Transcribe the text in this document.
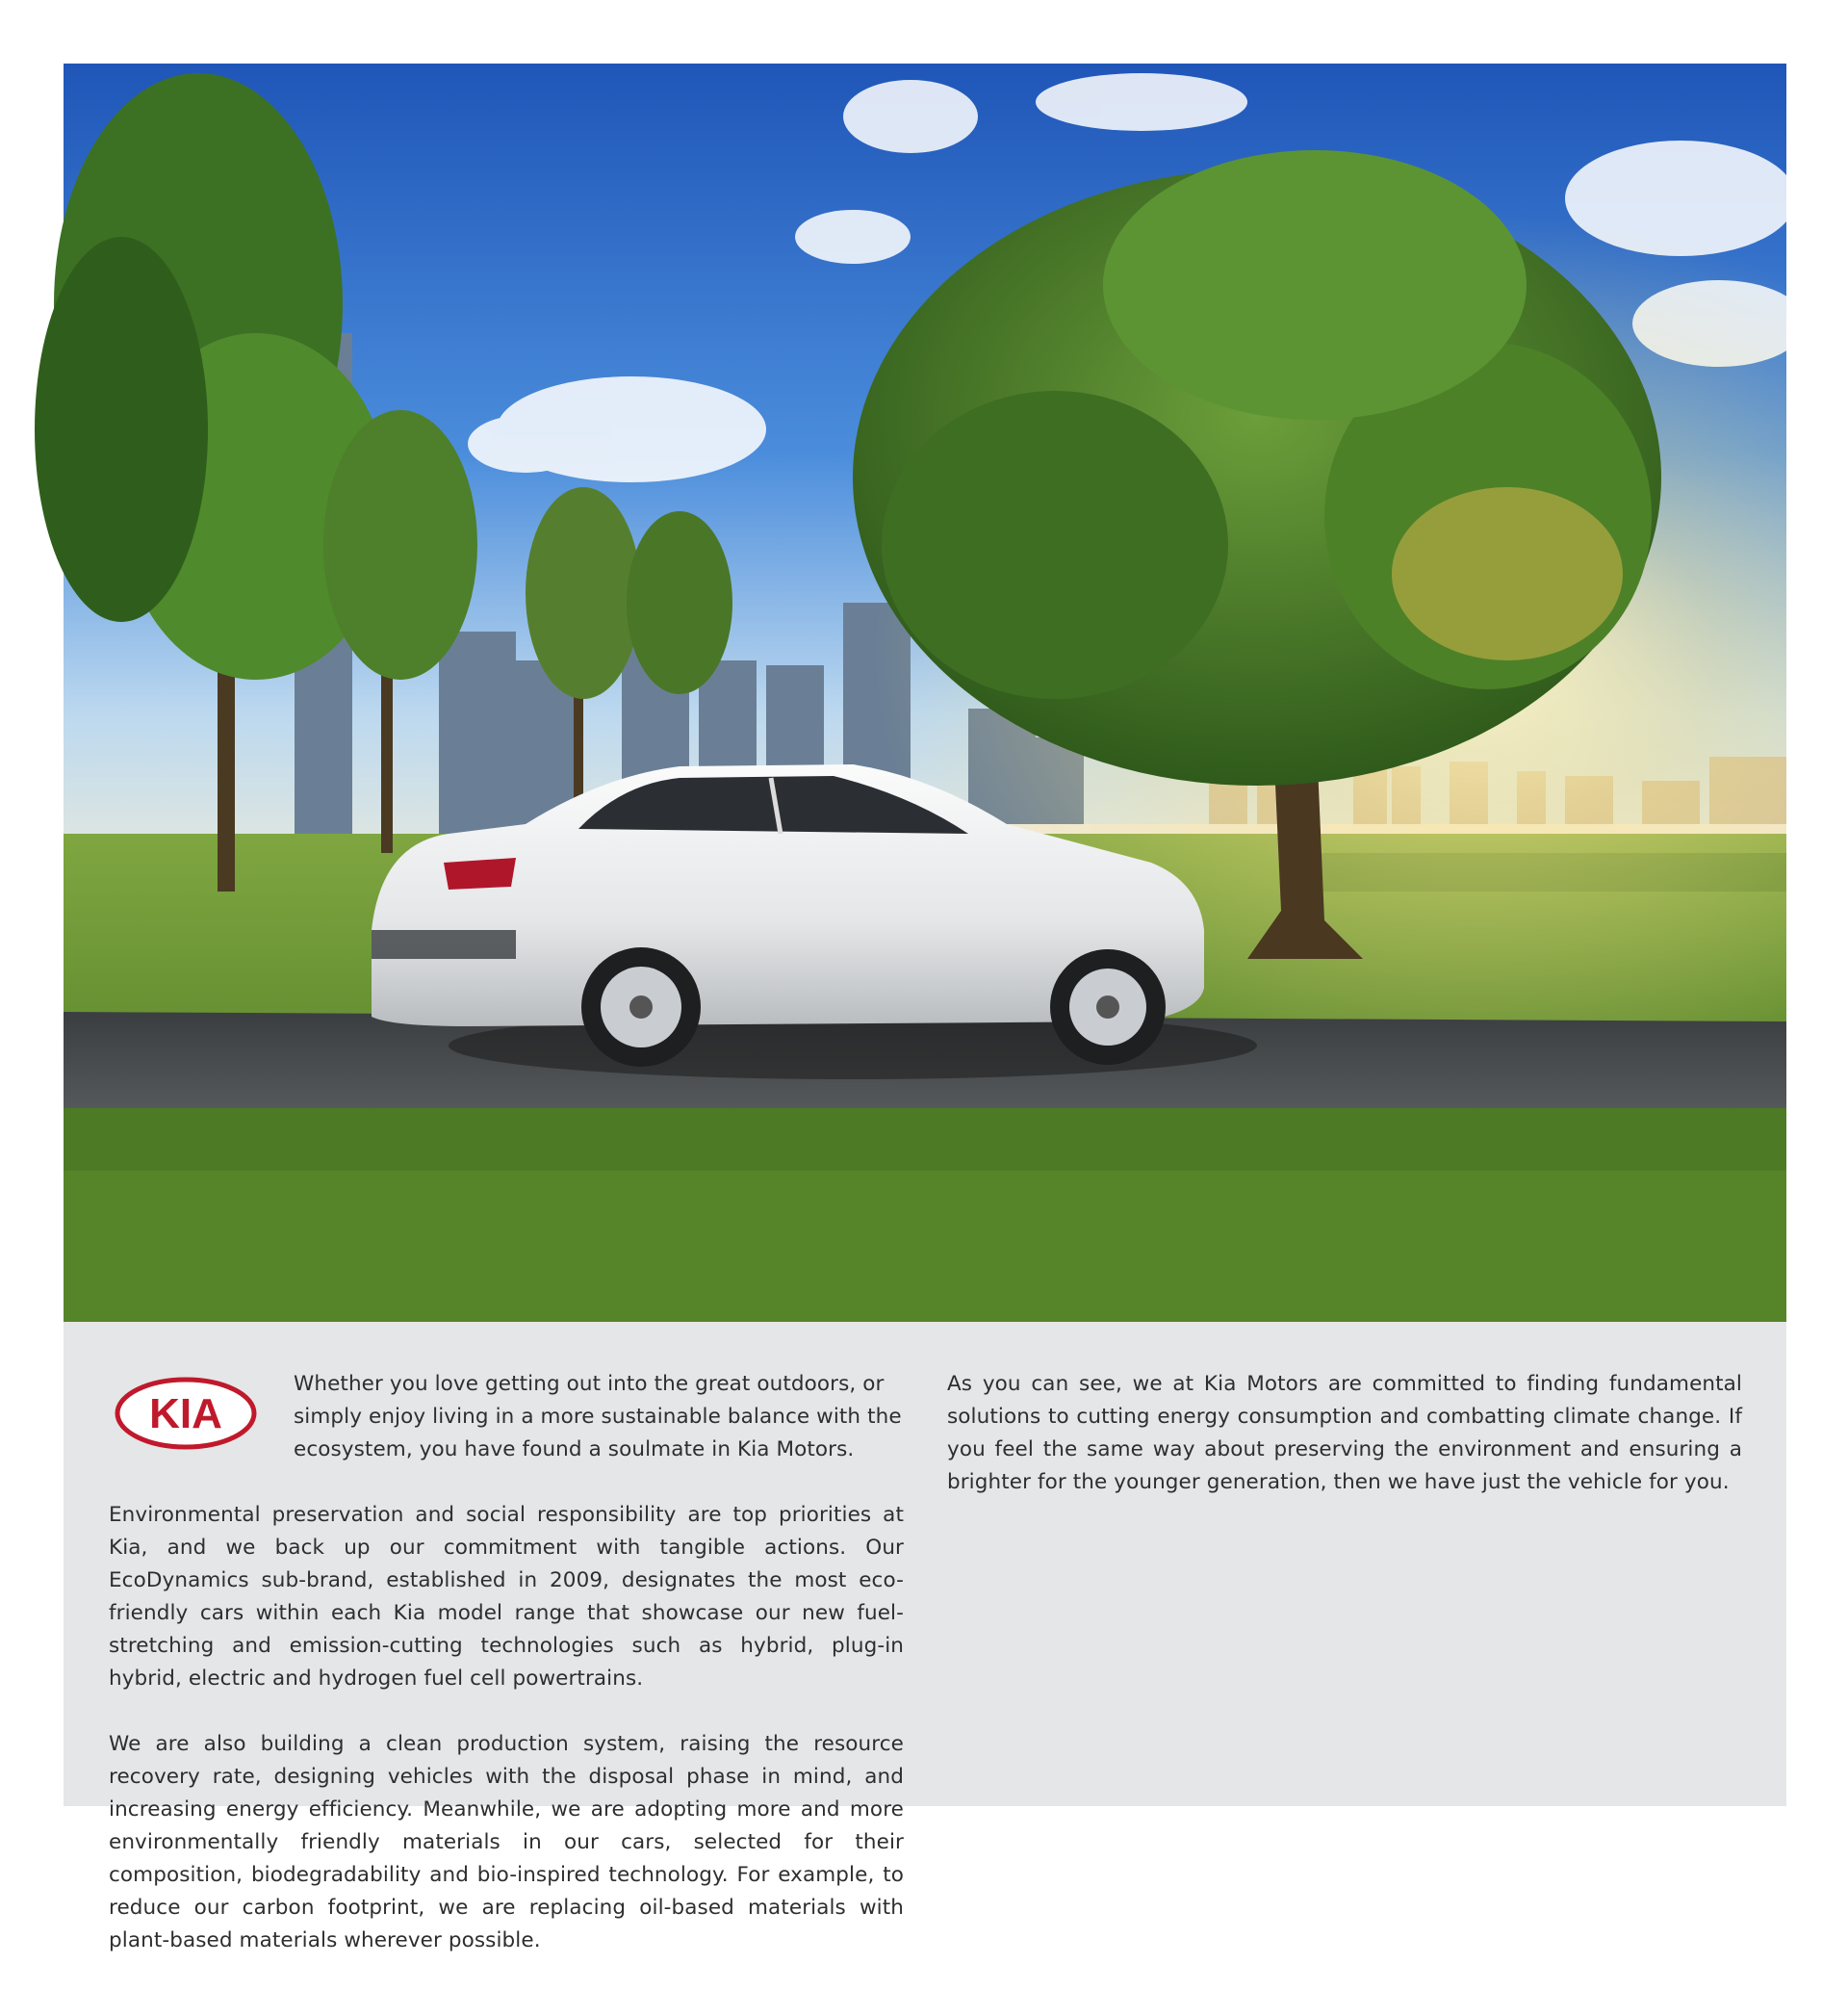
KIA

Whether you love getting out into the great outdoors, or simply enjoy living in a more sustainable balance with the ecosystem, you have found a soulmate in Kia Motors.

Environmental preservation and social responsibility are top priorities at Kia, and we back up our commitment with tangible actions. Our EcoDynamics sub-brand, established in 2009, designates the most eco-friendly cars within each Kia model range that showcase our new fuel-stretching and emission-cutting technologies such as hybrid, plug-in hybrid, electric and hydrogen fuel cell powertrains.

We are also building a clean production system, raising the resource recovery rate, designing vehicles with the disposal phase in mind, and increasing energy efficiency. Meanwhile, we are adopting more and more environmentally friendly materials in our cars, selected for their composition, biodegradability and bio-inspired technology. For example, to reduce our carbon footprint, we are replacing oil-based materials with plant-based materials wherever possible.

As you can see, we at Kia Motors are committed to finding fundamental solutions to cutting energy consumption and combatting climate change. If you feel the same way about preserving the environment and ensuring a brighter for the younger generation, then we have just the vehicle for you.
